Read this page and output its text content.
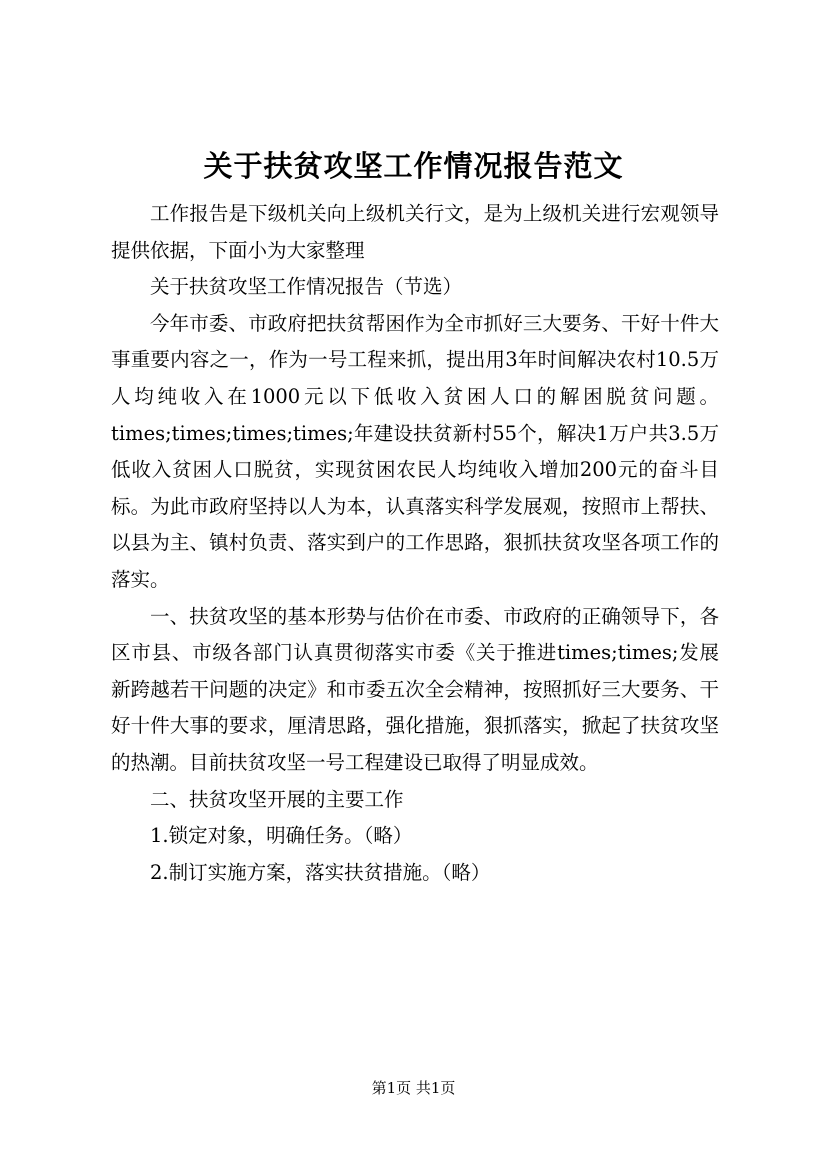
关于扶贫攻坚工作情况报告范文

工作报告是下级机关向上级机关行文，是为上级机关进行宏观领导提供依据，下面小为大家整理

关于扶贫攻坚工作情况报告（节选）

今年市委、市政府把扶贫帮困作为全市抓好三大要务、干好十件大事重要内容之一，作为一号工程来抓，提出用3年时间解决农村10.5万人均纯收入在1000元以下低收入贫困人口的解困脱贫问题。times;times;times;times;年建设扶贫新村55个，解决1万户共3.5万低收入贫困人口脱贫，实现贫困农民人均纯收入增加200元的奋斗目标。为此市政府坚持以人为本，认真落实科学发展观，按照市上帮扶、以县为主、镇村负责、落实到户的工作思路，狠抓扶贫攻坚各项工作的落实。

一、扶贫攻坚的基本形势与估价在市委、市政府的正确领导下，各区市县、市级各部门认真贯彻落实市委《关于推进times;times;发展新跨越若干问题的决定》和市委五次全会精神，按照抓好三大要务、干好十件大事的要求，厘清思路，强化措施，狠抓落实，掀起了扶贫攻坚的热潮。目前扶贫攻坚一号工程建设已取得了明显成效。

二、扶贫攻坚开展的主要工作

1.锁定对象，明确任务。（略）

2.制订实施方案，落实扶贫措施。（略）

第1页 共1页
